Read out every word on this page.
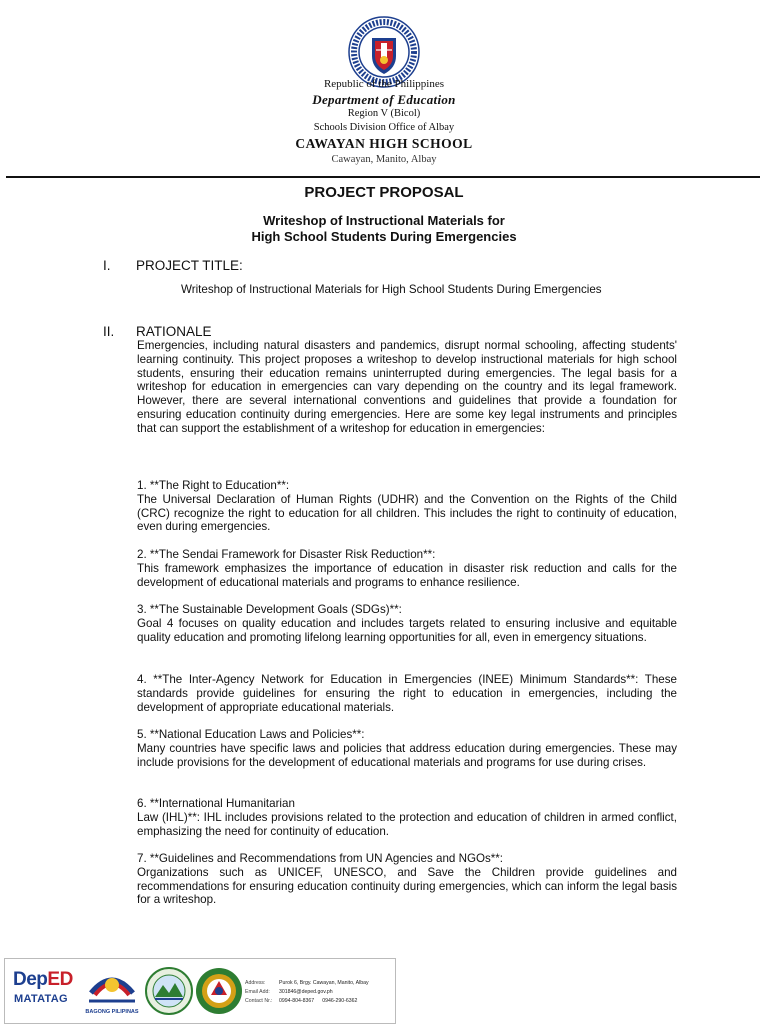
Republic of the Philippines
Department of Education
Region V (Bicol)
Schools Division Office of Albay
CAWAYAN HIGH SCHOOL
Cawayan, Manito, Albay
PROJECT PROPOSAL
Writeshop of Instructional Materials for
High School Students During Emergencies
I. PROJECT TITLE:
Writeshop of Instructional Materials for High School Students During Emergencies
II. RATIONALE
Emergencies, including natural disasters and pandemics, disrupt normal schooling, affecting students' learning continuity. This project proposes a writeshop to develop instructional materials for high school students, ensuring their education remains uninterrupted during emergencies. The legal basis for a writeshop for education in emergencies can vary depending on the country and its legal framework. However, there are several international conventions and guidelines that provide a foundation for ensuring education continuity during emergencies. Here are some key legal instruments and principles that can support the establishment of a writeshop for education in emergencies:
1. **The Right to Education**:
The Universal Declaration of Human Rights (UDHR) and the Convention on the Rights of the Child (CRC) recognize the right to education for all children. This includes the right to continuity of education, even during emergencies.
2. **The Sendai Framework for Disaster Risk Reduction**:
This framework emphasizes the importance of education in disaster risk reduction and calls for the development of educational materials and programs to enhance resilience.
3. **The Sustainable Development Goals (SDGs)**:
Goal 4 focuses on quality education and includes targets related to ensuring inclusive and equitable quality education and promoting lifelong learning opportunities for all, even in emergency situations.
4. **The Inter-Agency Network for Education in Emergencies (INEE) Minimum Standards**: These standards provide guidelines for ensuring the right to education in emergencies, including the development of appropriate educational materials.
5. **National Education Laws and Policies**:
Many countries have specific laws and policies that address education during emergencies. These may include provisions for the development of educational materials and programs for use during crises.
6. **International Humanitarian
Law (IHL)**: IHL includes provisions related to the protection and education of children in armed conflict, emphasizing the need for continuity of education.
7. **Guidelines and Recommendations from UN Agencies and NGOs**:
Organizations such as UNICEF, UNESCO, and Save the Children provide guidelines and recommendations for ensuring education continuity during emergencies, which can inform the legal basis for a writeshop.
DepED
MATATAG
BAGONG PILIPINAS
Address:	Purok 6, Brgy. Cawayan, Manito, Albay
Email Add:	301846@deped.gov.ph
Contact Nr.:	0994-804-8367 0946-290-6362
